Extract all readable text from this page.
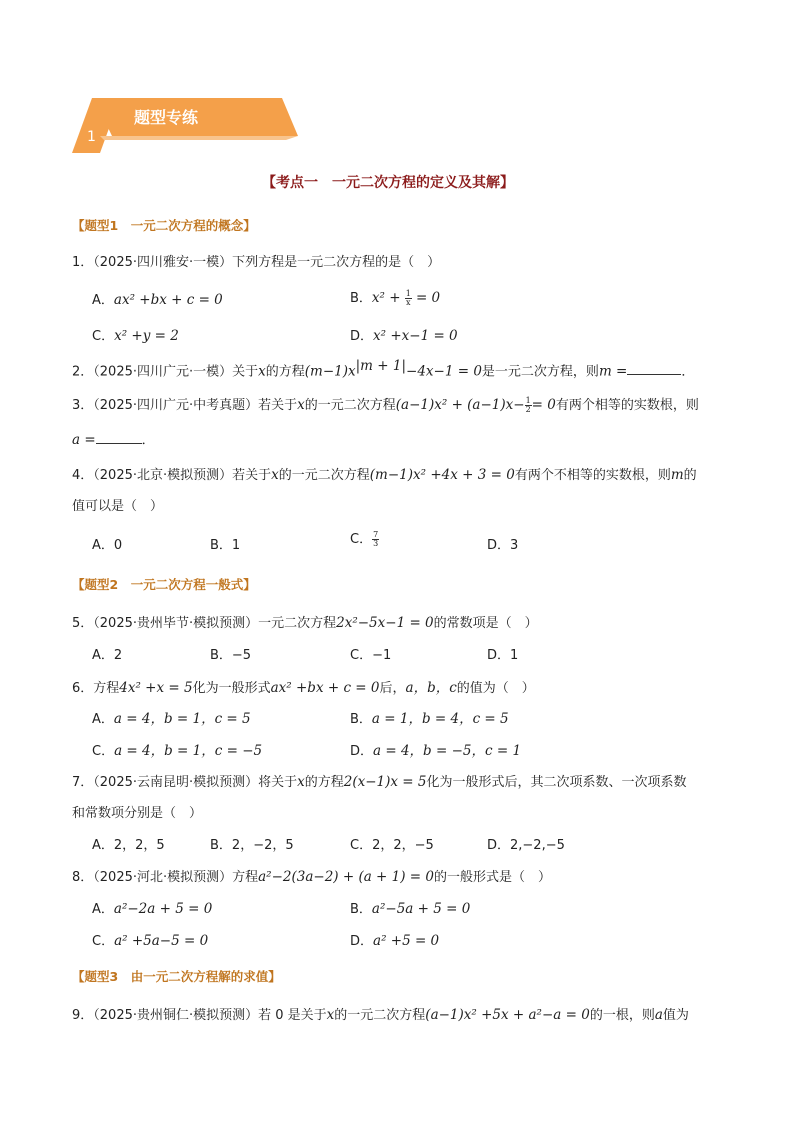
题型专练
1
【考点一　一元二次方程的定义及其解】
【题型1　一元二次方程的概念】
1．（2025·四川雅安·一模）下列方程是一元二次方程的是（　）
A．ax² +bx + c = 0	B．$x^2 + \frac{1}{x} = 0$
C．x² +y = 2	D．x² +x−1 = 0
2．（2025·四川广元·一模）关于x的方程$(m-1)x^{|m + 1|}-4x-1 = 0$是一元二次方程，则m =	．
3．（2025·四川广元·中考真题）若关于x的一元二次方程$(a-1)x^2 + (a-1)x- \frac{1}{2} = 0$有两个相等的实数根，则
a =	．
4．（2025·北京·模拟预测）若关于x的一元二次方程(m−1)x² +4x + 3 = 0有两个不相等的实数根，则m的
值可以是（　）
A．0	B．1	C． $\frac{7}{3}$	D．3
【题型2　一元二次方程一般式】
5．（2025·贵州毕节·模拟预测）一元二次方程2x²−5x−1 = 0的常数项是（　）
A．2	B．−5	C．−1	D．1
6．方程4x² +x = 5化为一般形式ax² +bx + c = 0后，a，b，c的值为（　）
A．a = 4，b = 1，c = 5	B．a = 1，b = 4，c = 5
C．a = 4，b = 1，c = −5	D．a = 4，b = −5，c = 1
7．（2025·云南昆明·模拟预测）将关于x的方程2(x−1)x = 5化为一般形式后，其二次项系数、一次项系数
和常数项分别是（　）
A．2，2，5	B．2，−2，5	C．2，2，−5	D．2,−2,−5
8．（2025·河北·模拟预测）方程a²−2(3a−2) + (a + 1) = 0的一般形式是（　）
A．a²−2a + 5 = 0	B．a²−5a + 5 = 0
C．a² +5a−5 = 0	D．a² +5 = 0
【题型3　由一元二次方程解的求值】
9．（2025·贵州铜仁·模拟预测）若 0 是关于x的一元二次方程(a−1)x² +5x + a²−a = 0的一根，则a值为
